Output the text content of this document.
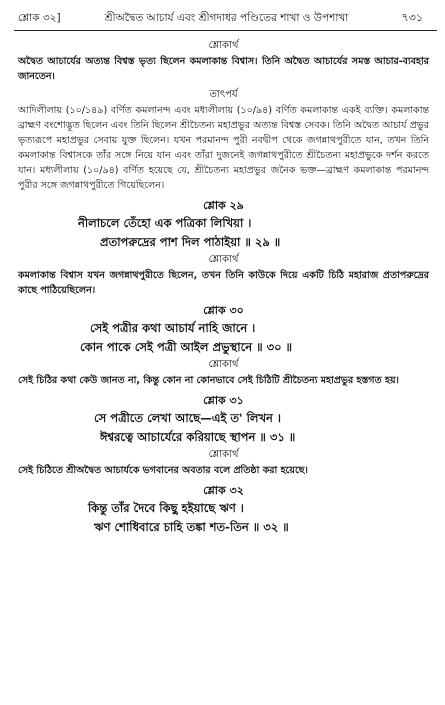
শ্লোক ৩২]	শ্রীঅদ্বৈত আচার্য এবং শ্রীগদাধর পণ্ডিতের শাখা ও উপশাখা	৭৩১
শ্লোকার্থ
অদ্বৈত আচার্যের অত্যন্ত বিশ্বস্ত ভৃত্য ছিলেন কমলাকান্ত বিশ্বাস। তিনি অদ্বৈত আচার্যের সমস্ত আচার-ব্যবহার জানতেন।
তাৎপর্য
আদিলীলায় (১০/১৪৯) বর্ণিত কমলানন্দ এবং মধ্যলীলায় (১০/৯৪) বর্ণিত কমলাকান্ত একই ব্যক্তি। কমলাকান্ত ব্রাহ্মণ বংশোদ্ভূত ছিলেন এবং তিনি ছিলেন শ্রীচৈতন্য মহাপ্রভুর অত্যন্ত বিশ্বস্ত সেবক। তিনি অদ্বৈত আচার্য প্রভুর ভৃত্যরূপে মহাপ্রভুর সেবায় যুক্ত ছিলেন। যখন পরমানন্দ পুরী নবদ্বীপ থেকে জগন্নাথপুরীতে যান, তখন তিনি কমলাকান্ত বিশ্বাসকে তাঁর সঙ্গে নিয়ে যান এবং তাঁরা দুজনেই জগন্নাথপুরীতে শ্রীচৈতন্য মহাপ্রভুকে দর্শন করতে যান। মধ্যলীলায় (১০/৯৪) বর্ণিত হয়েছে যে, শ্রীচৈতন্য মহাপ্রভুর জনৈক ভক্ত—ব্রাহ্মণ কমলাকান্ত পরমানন্দ পুরীর সঙ্গে জগন্নাথপুরীতে গিয়েছিলেন।
শ্লোক ২৯
নীলাচলে তেঁহো এক পত্রিকা লিখিয়া ।
প্রতাপরুদ্রের পাশ দিল পাঠাইয়া ॥ ২৯ ॥
শ্লোকার্থ
কমলাকান্ত বিশ্বাস যখন জগন্নাথপুরীতে ছিলেন, তখন তিনি কাউকে দিয়ে একটি চিঠি মহারাজ প্রতাপরুদ্রের কাছে পাঠিয়েছিলেন।
শ্লোক ৩০
সেই পত্রীর কথা আচার্য নাহি জানে ।
কোন পাকে সেই পত্রী আইল প্রভুস্থানে ॥ ৩০ ॥
শ্লোকার্থ
সেই চিঠির কথা কেউ জানত না, কিন্তু কোন না কোনভাবে সেই চিঠিটি শ্রীচৈতন্য মহাপ্রভুর হস্তগত হয়।
শ্লোক ৩১
সে পত্রীতে লেখা আছে—এই ত' লিখন ।
ঈশ্বরত্বে আচার্যেরে করিয়াছে স্থাপন ॥ ৩১ ॥
শ্লোকার্থ
সেই চিঠিতে শ্রীঅদ্বৈত আচার্যকে ভগবানের অবতার বলে প্রতিষ্ঠা করা হয়েছে।
শ্লোক ৩২
কিন্তু তাঁর দৈবে কিছু হইয়াছে ঋণ ।
ঋণ শোধিবারে চাহি তঙ্কা শত-তিন ॥ ৩২ ॥
